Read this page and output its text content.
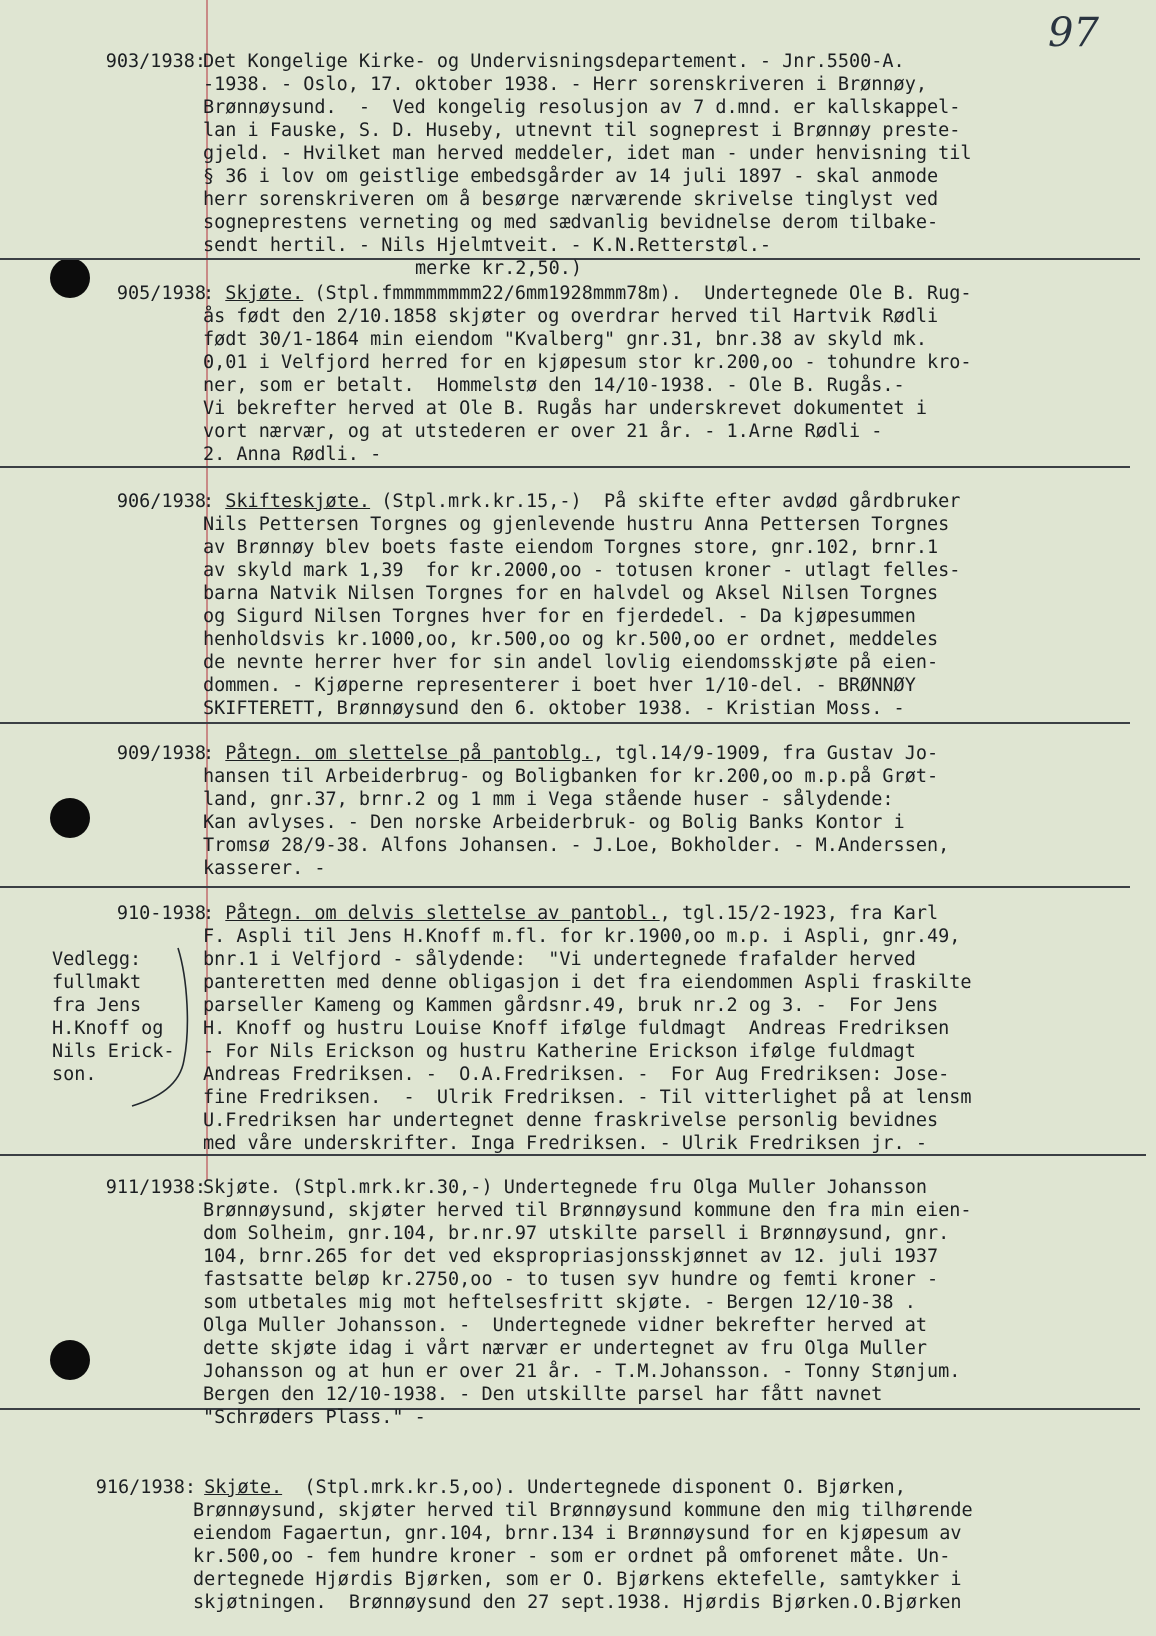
97
903/1938:
Det Kongelige Kirke- og Undervisningsdepartement. - Jnr.5500-A.
-1938. - Oslo, 17. oktober 1938. - Herr sorenskriveren i Brønnøy,
Brønnøysund.  -  Ved kongelig resolusjon av 7 d.mnd. er kallskappel-
lan i Fauske, S. D. Huseby, utnevnt til sogneprest i Brønnøy preste-
gjeld. - Hvilket man herved meddeler, idet man - under henvisning til
§ 36 i lov om geistlige embedsgårder av 14 juli 1897 - skal anmode
herr sorenskriveren om å besørge nærværende skrivelse tinglyst ved
sogneprestens verneting og med sædvanlig bevidnelse derom tilbake-
sendt hertil. - Nils Hjelmtveit. - K.N.Retterstøl.-
merke kr.2,50.)
905/1938
: Skjøte. (Stpl.fmmmmmmmm22/6mm1928mmm78m).  Undertegnede Ole B. Rug-
ås født den 2/10.1858 skjøter og overdrar herved til Hartvik Rødli
født 30/1-1864 min eiendom "Kvalberg" gnr.31, bnr.38 av skyld mk.
0,01 i Velfjord herred for en kjøpesum stor kr.200,oo - tohundre kro-
ner, som er betalt.  Hommelstø den 14/10-1938. - Ole B. Rugås.-
Vi bekrefter herved at Ole B. Rugås har underskrevet dokumentet i
vort nærvær, og at utstederen er over 21 år. - 1.Arne Rødli -
2. Anna Rødli. -
906/1938
: Skifteskjøte. (Stpl.mrk.kr.15,-)  På skifte efter avdød gårdbruker
Nils Pettersen Torgnes og gjenlevende hustru Anna Pettersen Torgnes
av Brønnøy blev boets faste eiendom Torgnes store, gnr.102, brnr.1
av skyld mark 1,39  for kr.2000,oo - totusen kroner - utlagt felles-
barna Natvik Nilsen Torgnes for en halvdel og Aksel Nilsen Torgnes
og Sigurd Nilsen Torgnes hver for en fjerdedel. - Da kjøpesummen
henholdsvis kr.1000,oo, kr.500,oo og kr.500,oo er ordnet, meddeles
de nevnte herrer hver for sin andel lovlig eiendomsskjøte på eien-
dommen. - Kjøperne representerer i boet hver 1/10-del. - BRØNNØY
SKIFTERETT, Brønnøysund den 6. oktober 1938. - Kristian Moss. -
909/1938
: Påtegn. om slettelse på pantoblg., tgl.14/9-1909, fra Gustav Jo-
hansen til Arbeiderbrug- og Boligbanken for kr.200,oo m.p.på Grøt-
land, gnr.37, brnr.2 og 1 mm i Vega stående huser - sålydende:
Kan avlyses. - Den norske Arbeiderbruk- og Bolig Banks Kontor i
Tromsø 28/9-38. Alfons Johansen. - J.Loe, Bokholder. - M.Anderssen,
kasserer. -
910-1938
: Påtegn. om delvis slettelse av pantobl., tgl.15/2-1923, fra Karl
F. Aspli til Jens H.Knoff m.fl. for kr.1900,oo m.p. i Aspli, gnr.49,
bnr.1 i Velfjord - sålydende:  "Vi undertegnede frafalder herved
panteretten med denne obligasjon i det fra eiendommen Aspli fraskilte
parseller Kameng og Kammen gårdsnr.49, bruk nr.2 og 3. -  For Jens
H. Knoff og hustru Louise Knoff ifølge fuldmagt  Andreas Fredriksen
- For Nils Erickson og hustru Katherine Erickson ifølge fuldmagt
Andreas Fredriksen. -  O.A.Fredriksen. -  For Aug Fredriksen: Jose-
fine Fredriksen.  -  Ulrik Fredriksen. - Til vitterlighet på at lensm
U.Fredriksen har undertegnet denne fraskrivelse personlig bevidnes
med våre underskrifter. Inga Fredriksen. - Ulrik Fredriksen jr. -
Vedlegg:
fullmakt
fra Jens
H.Knoff og
Nils Erick-
son.
911/1938:
Skjøte. (Stpl.mrk.kr.30,-) Undertegnede fru Olga Muller Johansson
Brønnøysund, skjøter herved til Brønnøysund kommune den fra min eien-
dom Solheim, gnr.104, br.nr.97 utskilte parsell i Brønnøysund, gnr.
104, brnr.265 for det ved ekspropriasjonsskjønnet av 12. juli 1937
fastsatte beløp kr.2750,oo - to tusen syv hundre og femti kroner -
som utbetales mig mot heftelsesfritt skjøte. - Bergen 12/10-38 .
Olga Muller Johansson. -  Undertegnede vidner bekrefter herved at
dette skjøte idag i vårt nærvær er undertegnet av fru Olga Muller
Johansson og at hun er over 21 år. - T.M.Johansson. - Tonny Stønjum.
Bergen den 12/10-1938. - Den utskillte parsel har fått navnet
"Schrøders Plass." -
916/1938: Skjøte.  (Stpl.mrk.kr.5,oo). Undertegnede disponent O. Bjørken,
Brønnøysund, skjøter herved til Brønnøysund kommune den mig tilhørende
eiendom Fagaertun, gnr.104, brnr.134 i Brønnøysund for en kjøpesum av
kr.500,oo - fem hundre kroner - som er ordnet på omforenet måte. Un-
dertegnede Hjørdis Bjørken, som er O. Bjørkens ektefelle, samtykker i
skjøtningen.  Brønnøysund den 27 sept.1938. Hjørdis Bjørken.O.Bjørken
